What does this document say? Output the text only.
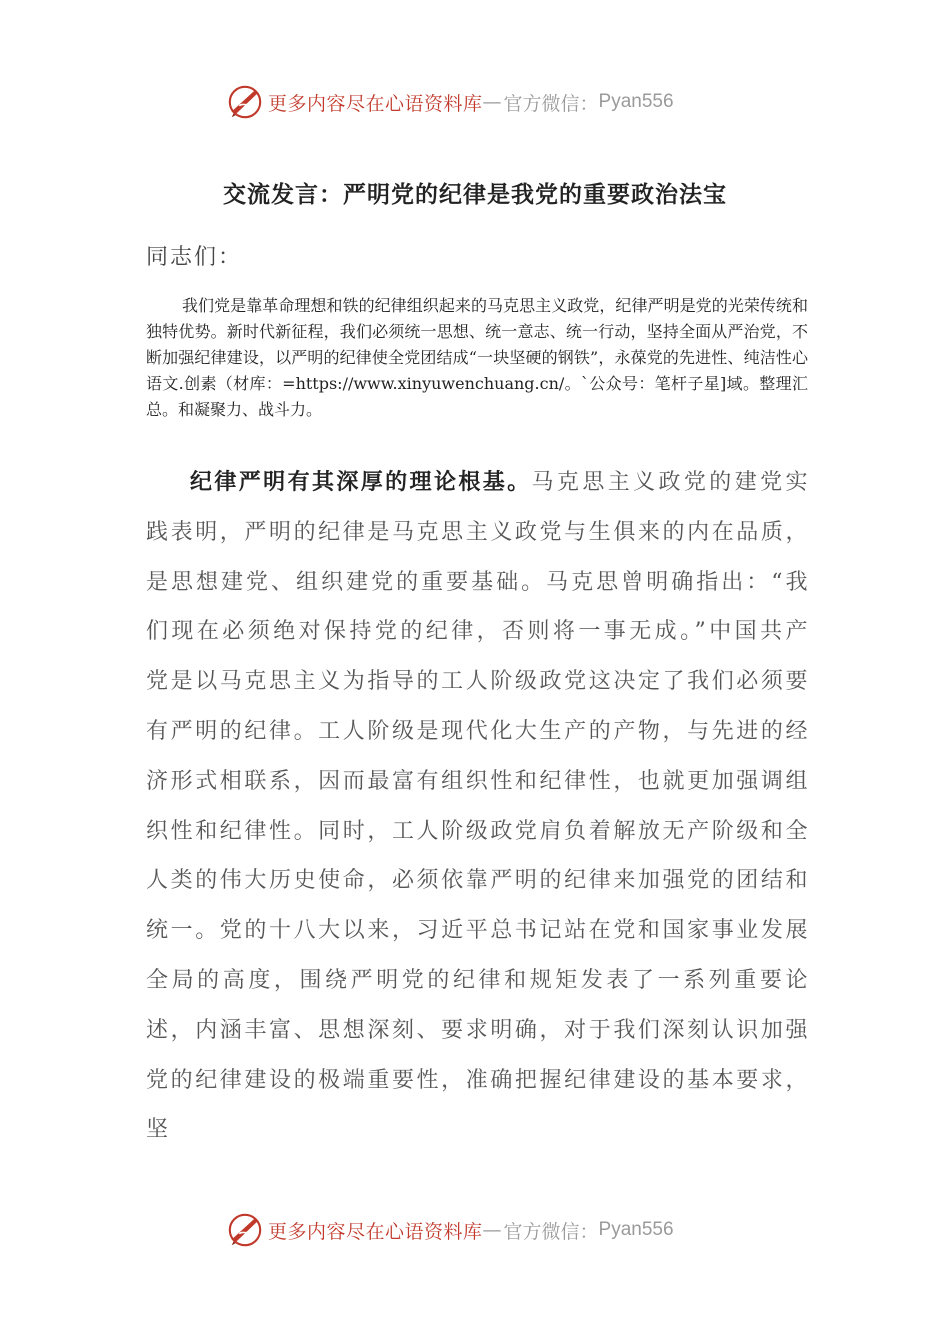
更多内容尽在心语资料库 — 官方微信： Pyan556
交流发言：严明党的纪律是我党的重要政治法宝
同志们：
我们党是靠革命理想和铁的纪律组织起来的马克思主义政党，纪律严明是党的光荣传统和独特优势。新时代新征程，我们必须统一思想、统一意志、统一行动，坚持全面从严治党，不断加强纪律建设，以严明的纪律使全党团结成“一块坚硬的钢铁”，永葆党的先进性、纯洁性心语文.创素（材库：=https://www.xinyuwenchuang.cn/。`公众号：笔杆子星]域。整理汇总。和凝聚力、战斗力。
纪律严明有其深厚的理论根基。马克思主义政党的建党实践表明，严明的纪律是马克思主义政党与生俱来的内在品质，是思想建党、组织建党的重要基础。马克思曾明确指出：“我们现在必须绝对保持党的纪律，否则将一事无成。”中国共产党是以马克思主义为指导的工人阶级政党这决定了我们必须要有严明的纪律。工人阶级是现代化大生产的产物，与先进的经济形式相联系，因而最富有组织性和纪律性，也就更加强调组织性和纪律性。同时，工人阶级政党肩负着解放无产阶级和全人类的伟大历史使命，必须依靠严明的纪律来加强党的团结和统一。党的十八大以来，习近平总书记站在党和国家事业发展全局的高度，围绕严明党的纪律和规矩发表了一系列重要论述，内涵丰富、思想深刻、要求明确，对于我们深刻认识加强党的纪律建设的极端重要性，准确把握纪律建设的基本要求，坚
更多内容尽在心语资料库 — 官方微信： Pyan556
